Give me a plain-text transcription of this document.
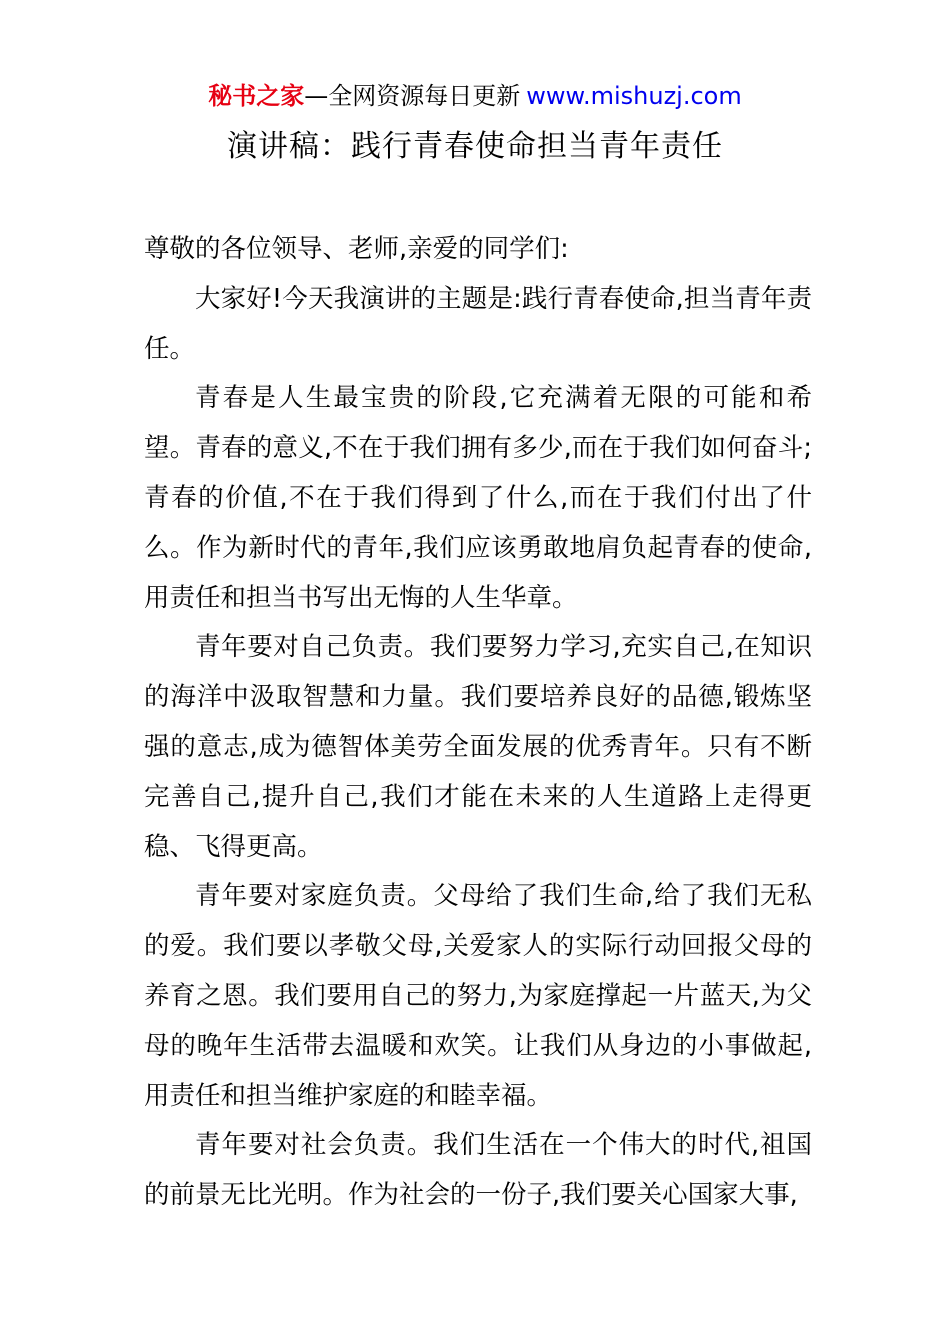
秘书之家—全网资源每日更新 www.mishuzj.com
演讲稿：践行青春使命担当青年责任

尊敬的各位领导、老师,亲爱的同学们:

大家好!今天我演讲的主题是:践行青春使命,担当青年责任。

青春是人生最宝贵的阶段,它充满着无限的可能和希望。青春的意义,不在于我们拥有多少,而在于我们如何奋斗;青春的价值,不在于我们得到了什么,而在于我们付出了什么。作为新时代的青年,我们应该勇敢地肩负起青春的使命,用责任和担当书写出无悔的人生华章。

青年要对自己负责。我们要努力学习,充实自己,在知识的海洋中汲取智慧和力量。我们要培养良好的品德,锻炼坚强的意志,成为德智体美劳全面发展的优秀青年。只有不断完善自己,提升自己,我们才能在未来的人生道路上走得更稳、飞得更高。

青年要对家庭负责。父母给了我们生命,给了我们无私的爱。我们要以孝敬父母,关爱家人的实际行动回报父母的养育之恩。我们要用自己的努力,为家庭撑起一片蓝天,为父母的晚年生活带去温暖和欢笑。让我们从身边的小事做起,用责任和担当维护家庭的和睦幸福。

青年要对社会负责。我们生活在一个伟大的时代,祖国的前景无比光明。作为社会的一份子,我们要关心国家大事,
